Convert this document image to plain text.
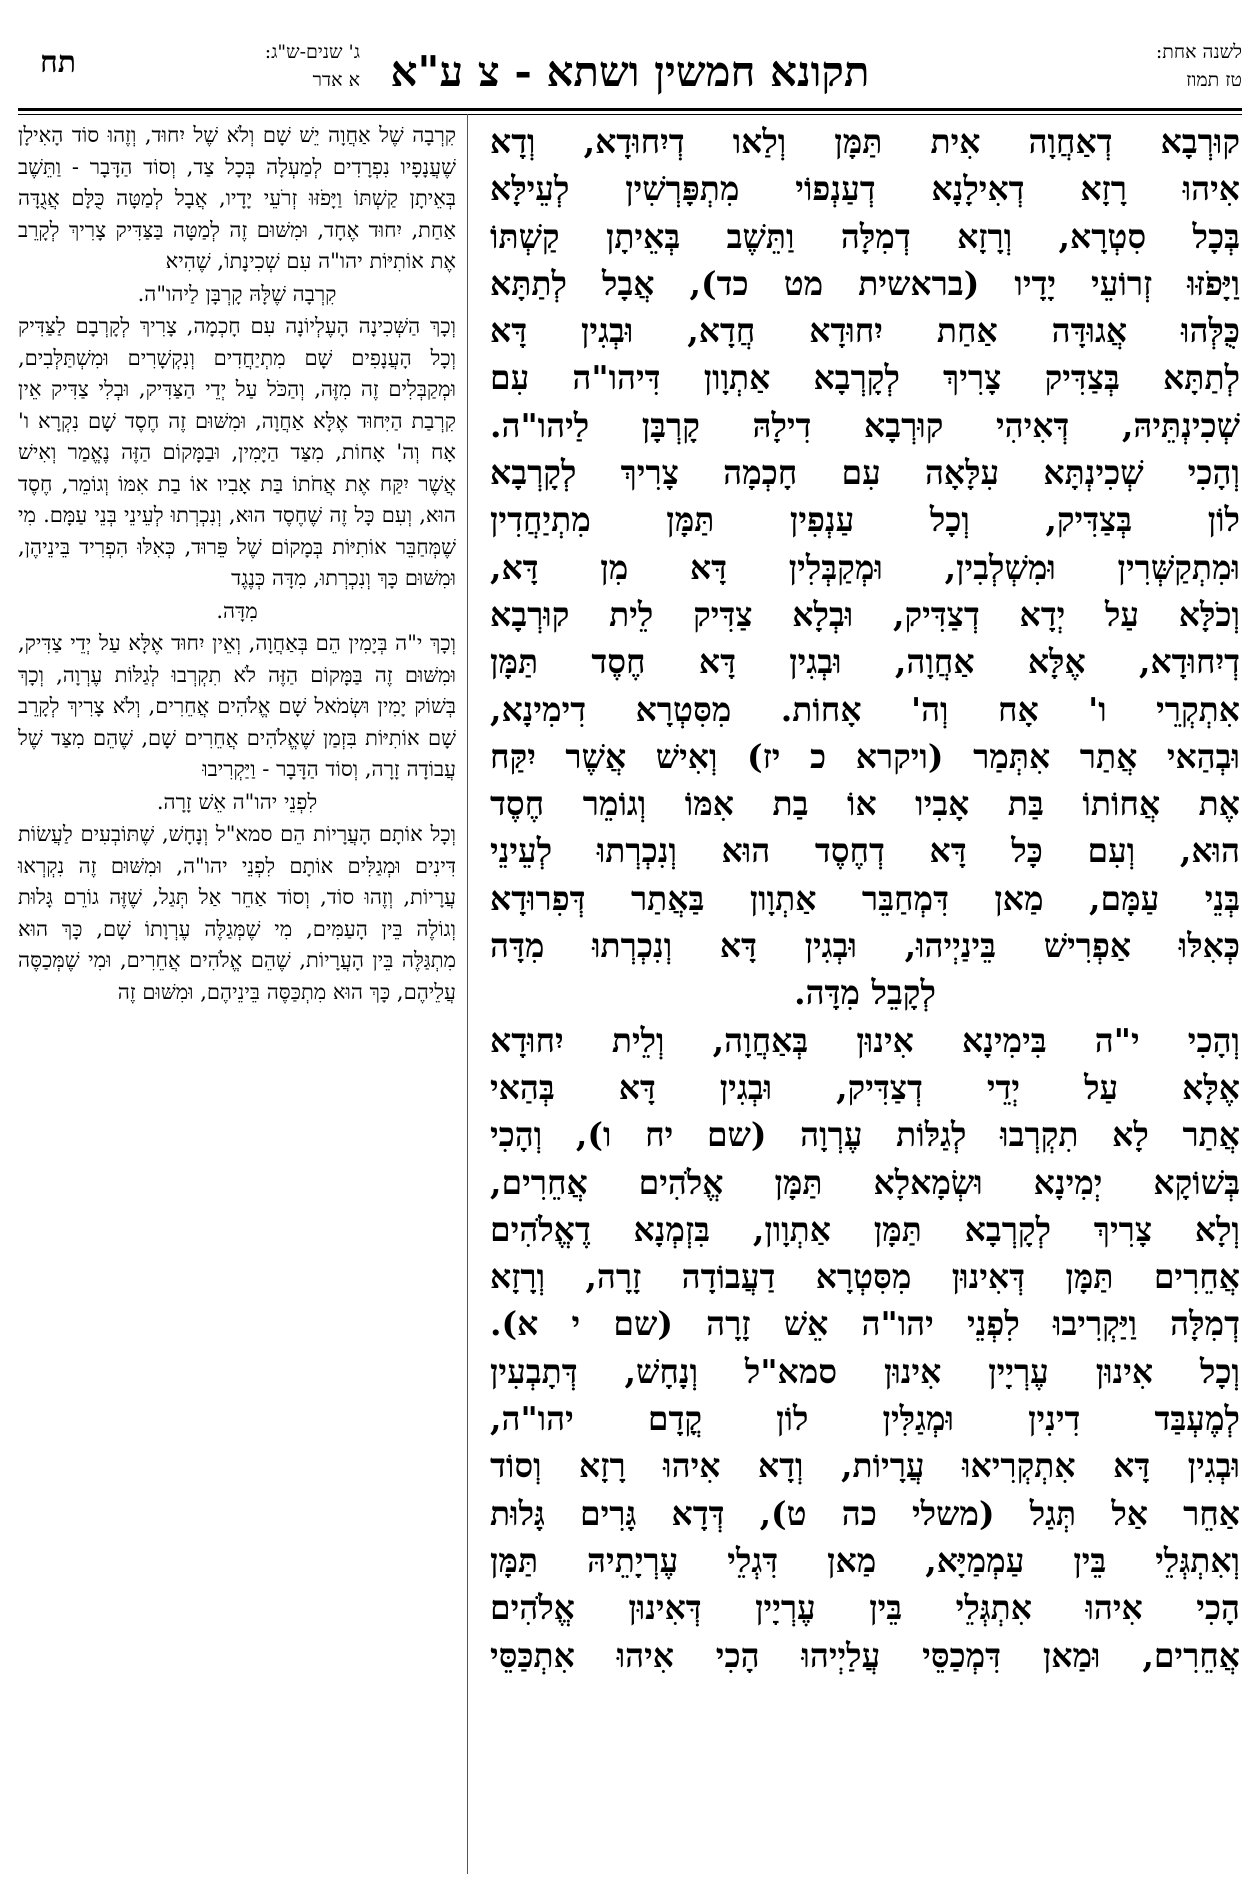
לשנה אחת:
טז תמוז
תקונא חמשין ושתא - צ ע"א
ג' שנים-ש"ג:
א אדר
תח
קוּרְבָא דְאַחֲוָה אִית תַּמָּן וְלַאו דְיִחוּדָא, וְדָא
אִיהוּ רָזָא דְאִילָנָא דְעַנְפוֹי מִתְפָּרְשִׁין לְעֵילָּא
בְּכָל סִטְרָא, וְרָזָא דְמִלָּה וַתֵּשֶׁב בְּאֵיתָן קַשְׁתּוֹ
וַיָּפֹזּוּ זְרוֹעֵי יָדָיו (בראשית מט כד), אֲבָל לְתַתָּא
כֻּלְּהוּ אֲגוּדָּה אַחַת יִחוּדָא חֲדָא, וּבְגִין דָּא
לְתַתָּא בְּצַדִּיק צָרִיךְ לְקָרְבָא אַתְוָון דִּיהו"ה עִם
שְׁכִינְתֵּיהּ, דְּאִיהִי קוּרְבָא דִילָהּ קָרְבָּן לַיהו"ה.
וְהָכִי שְׁכִינְתָּא עִלָּאָה עִם חָכְמָה צָרִיךְ לְקָרְבָא
לוֹן בְּצַדִּיק, וְכָל עַנְפִין תַּמָּן מִתְיַחֲדִין
וּמִתְקַשְּׁרִין וּמִשְׁלְבִין, וּמְקַבְּלִין דָּא מִן דָּא,
וְכֹלָּא עַל יְדָא דְצַדִּיק, וּבְלָא צַדִּיק לֵית קוּרְבָא
דְיִחוּדָא, אֶלָּא אַחֲוָה, וּבְגִין דָּא חֶסֶד תַּמָּן
אִתְקְרֵי ו' אָח וְה' אָחוֹת. מִסִּטְרָא דִימִינָא,
וּבְהַאי אֲתַר אִתְּמַר (ויקרא כ יז) וְאִישׁ אֲשֶׁר יִקַּח
אֶת אֲחוֹתוֹ בַּת אָבִיו אוֹ בַת אִמּוֹ וְגוֹמֵר חֶסֶד
הוּא, וְעִם כָּל דָּא דְחֶסֶד הוּא וְנִכְרְתוּ לְעֵינֵי
בְּנֵי עַמָּם, מַאן דִּמְחַבֵּר אַתְוָון בַּאֲתַר דְּפִרוּדָא
כְּאִלּוּ אַפְרִישׁ בֵּינַיְיהוּ, וּבְגִין דָּא וְנִכְרְתוּ מִדָּה
לְקָבֵל מִדָּה.
וְהָכִי י"ה בִּימִינָא אִינוּן בְּאַחֲוָה, וְלֵית יִחוּדָא
אֶלָּא עַל יְדֵי דְצַדִּיק, וּבְגִין דָּא בְּהַאי
אֲתַר לָא תִקְרְבוּ לְגַלּוֹת עֶרְוָה (שם יח ו), וְהָכִי
בְּשׁוֹקָא יְמִינָא וּשְׂמָאלָא תַּמָּן אֱלֹהִים אֲחֵרִים,
וְלָא צָרִיךְ לְקָרְבָא תַּמָּן אַתְוָון, בִּזְמְנָא דֶאֱלֹהִים
אֲחֵרִים תַּמָּן דְּאִינוּן מִסִּטְרָא דַעֲבוֹדָה זָרָה, וְרָזָא
דְמִלָּה וַיַּקְרִיבוּ לִפְנֵי יהו"ה אֵשׁ זָרָה (שם י א).
וְכָל אִינוּן עֶרְיָין אִינוּן סמא"ל וְנָחָשׁ, דְּתָבְעִין
לְמֶעְבַּד דִינִין וּמְגַלִּין לוֹן קֳדָם יהו"ה,
וּבְגִין דָּא אִתְקְרִיאוּ עֲרָיוֹת, וְדָא אִיהוּ רָזָא וְסוֹד
אַחֵר אַל תְּגַל (משלי כה ט), דְּדָא גָּרִים גָּלוּת
וְאִתְגְּלֵי בֵּין עַמְמַיָּא, מַאן דִּגְלֵי עֶרְיָתֵיהּ תַּמָּן
הָכִי אִיהוּ אִתְגְּלֵי בֵּין עֶרְיָין דְּאִינוּן אֱלֹהִים
אֲחֵרִים, וּמַאן דִּמְכַסֵּי עֲלַיְיהוּ הָכִי אִיהוּ אִתְכַּסֵּי

קִרְבָה שֶׁל אַחֲוָה יֵשׁ שָׁם וְלֹא שֶׁל יִחוּד, וְזֶהוּ סוֹד הָאִילָן שֶׁעֲנָפָיו נִפְרָדִים לְמַעְלָה בְּכָל צַד, וְסוֹד הַדָּבָר - וַתֵּשֶׁב בְּאֵיתָן קַשְׁתּוֹ וַיָּפֹזּוּ זְרֹעֵי יָדָיו, אֲבָל לְמַטָּה כֻּלָּם אֲגֻדָּה אַחַת, יִחוּד אֶחָד, וּמִשּׁוּם זֶה לְמַטָּה בַּצַּדִּיק צָרִיךְ לְקָרֵב אֶת אוֹתִיּוֹת יהו"ה עִם שְׁכִינָתוֹ, שֶׁהִיא

קִרְבָה שֶׁלָּהּ קָרְבָּן לַיהו"ה.

וְכָךְ הַשְּׁכִינָה הָעֶלְיוֹנָה עִם חָכְמָה, צָרִיךְ לְקָרְבָם לַצַּדִּיק וְכָל הָעֲנָפִים שָׁם מִתְיַחֲדִים וְנִקְשָׁרִים וּמִשְׁתַּלְּבִים, וּמְקַבְּלִים זֶה מִזֶּה, וְהַכֹּל עַל יְדֵי הַצַּדִּיק, וּבְלִי צַדִּיק אֵין קִרְבַת הַיִּחוּד אֶלָּא אַחֲוָה, וּמִשּׁוּם זֶה חֶסֶד שָׁם נִקְרָא ו' אָח וְה' אָחוֹת, מִצַּד הַיָּמִין, וּבַמָּקוֹם הַזֶּה נֶאֱמַר וְאִישׁ אֲשֶׁר יִקַּח אֶת אֲחֹתוֹ בַּת אָבִיו אוֹ בַת אִמּוֹ וְגוֹמֵר, חֶסֶד הוּא, וְעִם כָּל זֶה שֶׁחֶסֶד הוּא, וְנִכְרְתוּ לְעֵינֵי בְּנֵי עַמָּם. מִי שֶׁמְּחַבֵּר אוֹתִיּוֹת בְּמָקוֹם שֶׁל פֵּרוּד, כְּאִלּוּ הִפְרִיד בֵּינֵיהֶן, וּמִשּׁוּם כָּךְ וְנִכְרְתוּ, מִדָּה כְּנֶגֶד

מִדָּה.

וְכָךְ י"ה בְּיָמִין הֵם בְּאַחֲוָה, וְאֵין יִחוּד אֶלָּא עַל יְדֵי צַדִּיק, וּמִשּׁוּם זֶה בַּמָּקוֹם הַזֶּה לֹא תִקְרְבוּ לְגַלּוֹת עֶרְוָה, וְכָךְ בְּשׁוֹק יָמִין וּשְׂמֹאל שָׁם אֱלֹהִים אֲחֵרִים, וְלֹא צָרִיךְ לְקָרֵב שָׁם אוֹתִיּוֹת בִּזְמַן שֶׁאֱלֹהִים אֲחֵרִים שָׁם, שֶׁהֵם מִצַּד שֶׁל עֲבוֹדָה זָרָה, וְסוֹד הַדָּבָר - וַיַּקְרִיבוּ

לִפְנֵי יהו"ה אֵשׁ זָרָה.

וְכָל אוֹתָם הָעֲרָיוֹת הֵם סמא"ל וְנָחָשׁ, שֶׁתּוֹבְעִים לַעֲשׂוֹת דִּינִים וּמְגַלִּים אוֹתָם לִפְנֵי יהו"ה, וּמִשּׁוּם זֶה נִקְרְאוּ עֲרָיוֹת, וְזֶהוּ סוֹד, וְסוֹד אַחֵר אַל תְּגַל, שֶׁזֶּה גוֹרֵם גָּלוּת וְגוֹלֶה בֵּין הָעַמִּים, מִי שֶׁמְּגַלֶּה עֶרְוָתוֹ שָׁם, כָּךְ הוּא מִתְגַּלֶּה בֵּין הָעֲרָיוֹת, שֶׁהֵם אֱלֹהִים אֲחֵרִים, וּמִי שֶׁמְּכַסֶּה עֲלֵיהֶם, כָּךְ הוּא מִתְכַּסֶּה בֵּינֵיהֶם, וּמִשּׁוּם זֶה
